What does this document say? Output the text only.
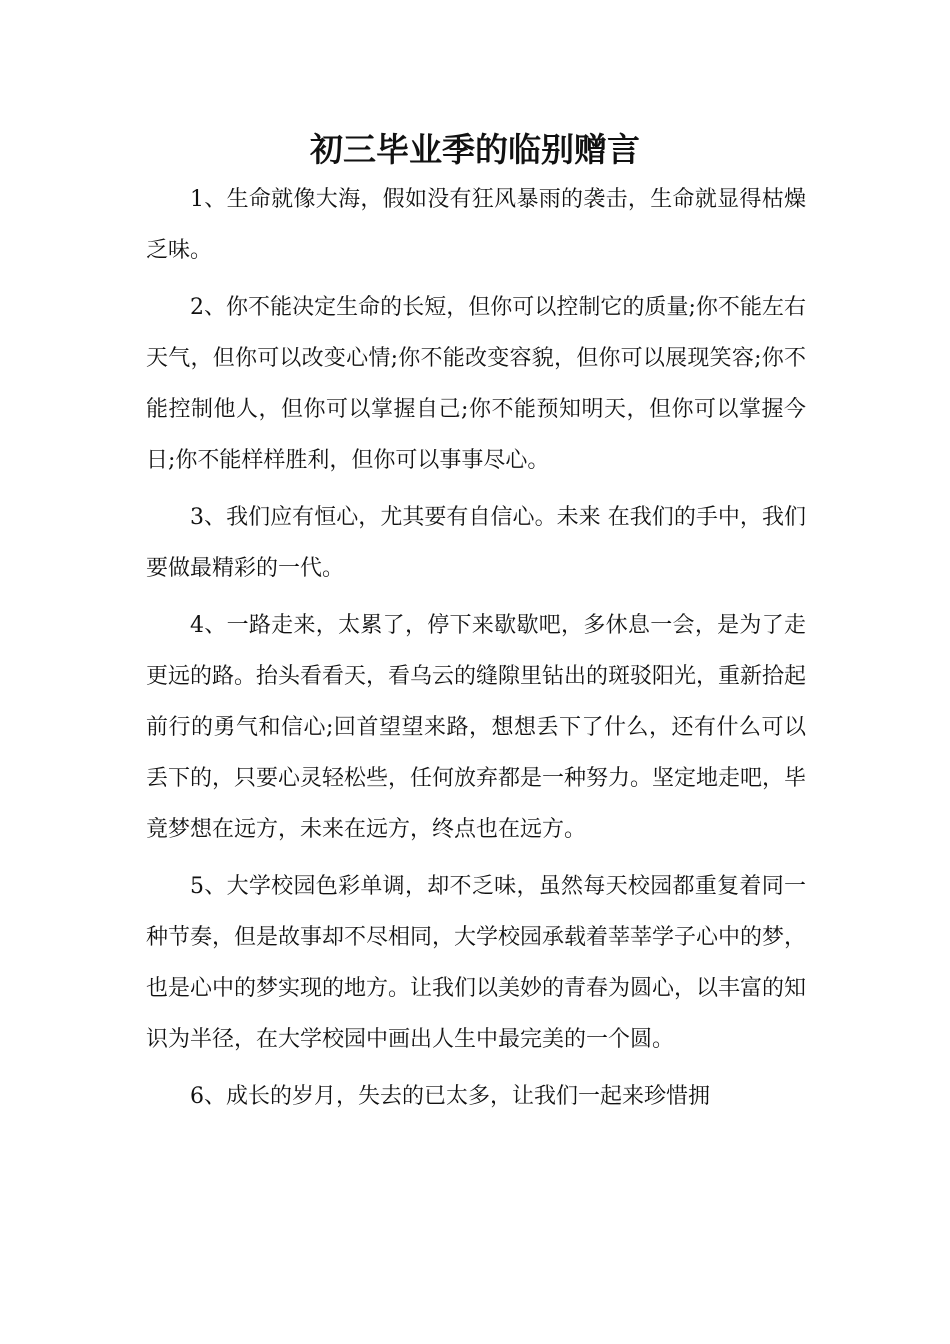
初三毕业季的临别赠言

1、生命就像大海，假如没有狂风暴雨的袭击，生命就显得枯燥乏味。

2、你不能决定生命的长短，但你可以控制它的质量;你不能左右天气，但你可以改变心情;你不能改变容貌，但你可以展现笑容;你不能控制他人，但你可以掌握自己;你不能预知明天，但你可以掌握今日;你不能样样胜利，但你可以事事尽心。

3、我们应有恒心，尤其要有自信心。未来 在我们的手中，我们要做最精彩的一代。

4、一路走来，太累了，停下来歇歇吧，多休息一会，是为了走更远的路。抬头看看天，看乌云的缝隙里钻出的斑驳阳光，重新拾起前行的勇气和信心;回首望望来路，想想丢下了什么，还有什么可以丢下的，只要心灵轻松些，任何放弃都是一种努力。坚定地走吧，毕竟梦想在远方，未来在远方，终点也在远方。

5、大学校园色彩单调，却不乏味，虽然每天校园都重复着同一种节奏，但是故事却不尽相同，大学校园承载着莘莘学子心中的梦，也是心中的梦实现的地方。让我们以美妙的青春为圆心，以丰富的知识为半径，在大学校园中画出人生中最完美的一个圆。

6、成长的岁月，失去的已太多，让我们一起来珍惜拥
